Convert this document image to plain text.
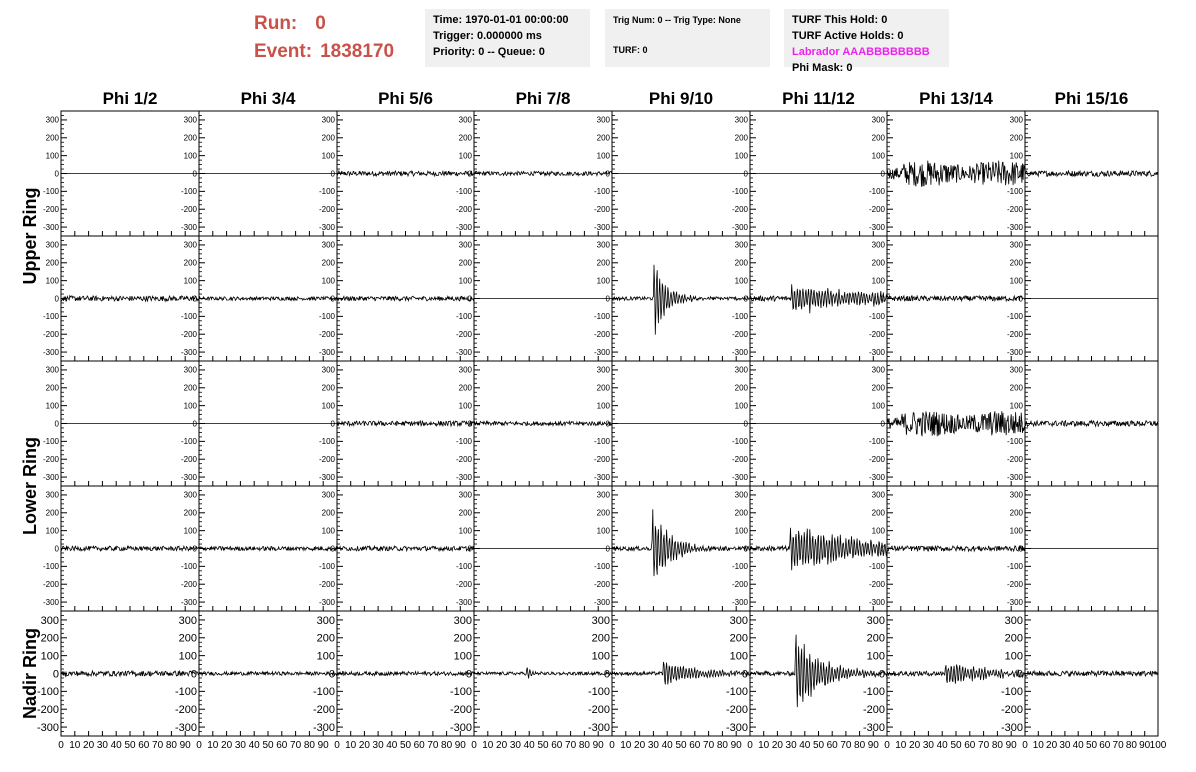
Run: 0
Event: 1838170
Time: 1970-01-01 00:00:00
Trigger: 0.000000 ms
Priority: 0 -- Queue: 0
Trig Num: 0 -- Trig Type: None
TURF: 0
TURF This Hold: 0
TURF Active Holds: 0
Labrador AAABBBBBBBB
Phi Mask: 0
Phi 1/2	Phi 3/4	Phi 5/6	Phi 7/8	Phi 9/10	Phi 11/12	Phi 13/14	Phi 15/16
Upper Ring
Lower Ring
Nadir Ring
300
200
100
0
-100
-200
-300
300
200
100
0
-100
-200
-300
300
200
100
0
-100
-200
-300
300
200
100
0
-100
-200
-300
300
200
100
0
-100
-200
-300
300
200
100
0
-100
-200
-300
300
200
100
0
-100
-200
-300
300
200
100
0
-100
-200
-300
300
200
100
0
-100
-200
-300
300
200
100
0
-100
-200
-300
300
200
100
0
-100
-200
-300
300
200
100
0
-100
-200
-300
300
200
100
0
-100
-200
-300
300
200
100
0
-100
-200
-300
300
200
100
0
-100
-200
-300
300
200
100
0
-100
-200
-300
300
200
100
0
-100
-200
-300
300
200
100
0
-100
-200
-300
300
200
100
0
-100
-200
-300
300
200
100
0
-100
-200
-300
300
200
100
0
-100
-200
-300
300
200
100
0
-100
-200
-300
300
200
100
0
-100
-200
-300
300
200
100
0
-100
-200
-300
300
200
100
0
-100
-200
-300
300
200
100
0
-100
-200
-300
300
200
100
0
-100
-200
-300
300
200
100
0
-100
-200
-300
300
200
100
0
-100
-200
-300
300
200
100
0
-100
-200
-300
300
200
100
0
-100
-200
-300
300
200
100
0
-100
-200
-300
300
200
100
0
-100
-200
-300
300
200
100
0
-100
-200
-300
300
200
100
0
-100
-200
-300
300
200
100
0
-100
-200
-300
300
200
100
0
-100
-200
-300
300
200
100
0
-100
-200
-300
300
200
100
0
-100
-200
-300
300
200
100
0
-100
-200
-300
0 10 20 30 40 50 60 70 80 90 0 10 20 30 40 50 60 70 80 90 0 10 20 30 40 50 60 70 80 90 0 10 20 30 40 50 60 70 80 90 0 10 20 30 40 50 60 70 80 90 0 10 20 30 40 50 60 70 80 90 0 10 20 30 40 50 60 70 80 90 0 10 20 30 40 50 60 70 80 90 100
